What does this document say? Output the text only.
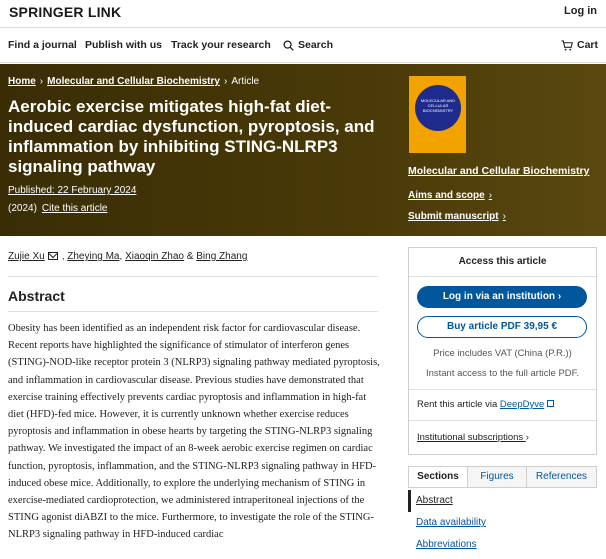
SPRINGER LINK	Log in
Find a journal Publish with us Track your research	Search	Cart
Home › Molecular and Cellular Biochemistry › Article
Aerobic exercise mitigates high-fat diet-induced cardiac dysfunction, pyroptosis, and inflammation by inhibiting STING-NLRP3 signaling pathway
Published: 22 February 2024
(2024) Cite this article
MOLECULAR AND CELLULAR BIOCHEMISTRY
Molecular and Cellular Biochemistry
Aims and scope ›
Submit manuscript ›
Zujie Xu , Zheying Ma, Xiaoqin Zhao & Bing Zhang
Abstract
Obesity has been identified as an independent risk factor for cardiovascular disease. Recent reports have highlighted the significance of stimulator of interferon genes (STING)-NOD-like receptor protein 3 (NLRP3) signaling pathway mediated pyroptosis, and inflammation in cardiovascular disease. Previous studies have demonstrated that exercise training effectively prevents cardiac pyroptosis and inflammation in high-fat diet (HFD)-fed mice. However, it is currently unknown whether exercise reduces pyroptosis and inflammation in obese hearts by targeting the STING-NLRP3 signaling pathway. We investigated the impact of an 8-week aerobic exercise regimen on cardiac function, pyroptosis, inflammation, and the STING-NLRP3 signaling pathway in HFD-induced obese mice. Additionally, to explore the underlying mechanism of STING in exercise-mediated cardioprotection, we administered intraperitoneal injections of the STING agonist diABZI to the mice. Furthermore, to investigate the role of the STING-NLRP3 signaling pathway in HFD-induced cardiac
Access this article
Log in via an institution ›
Buy article PDF 39,95 €
Price includes VAT (China (P.R.))
Instant access to the full article PDF.
Rent this article via DeepDyve
Institutional subscriptions ›
Sections	Figures	References
Abstract
Data availability
Abbreviations
